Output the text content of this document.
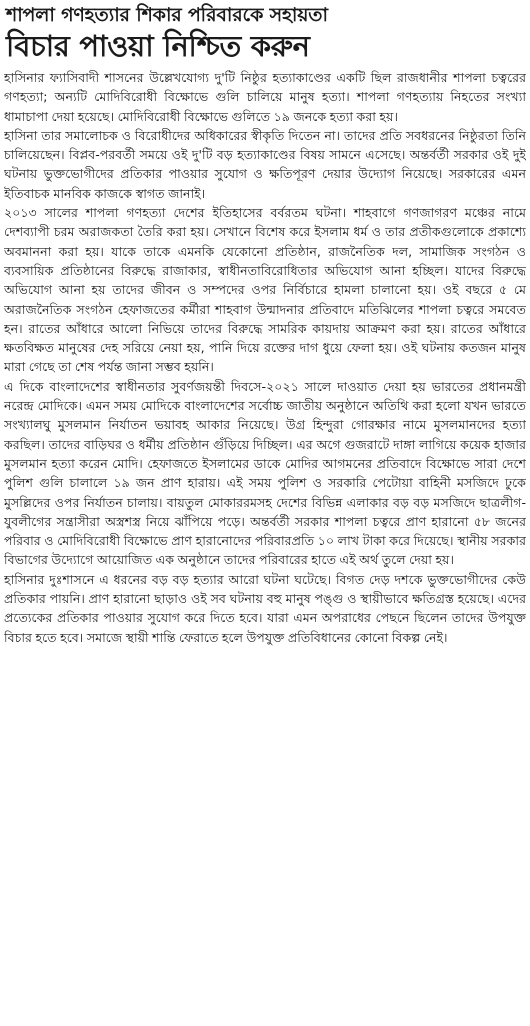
শাপলা গণহত্যার শিকার পরিবারকে সহায়তা
বিচার পাওয়া নিশ্চিত করুন

হাসিনার ফ্যাসিবাদী শাসনের উল্লেখযোগ্য দু'টি নিষ্ঠুর হত্যাকাণ্ডের একটি ছিল রাজধানীর শাপলা চত্বরের গণহত্যা; অন্যটি মোদিবিরোধী বিক্ষোভে গুলি চালিয়ে মানুষ হত্যা। শাপলা গণহত্যায় নিহতের সংখ্যা ধামাচাপা দেয়া হয়েছে। মোদিবিরোধী বিক্ষোভে গুলিতে ১৯ জনকে হত্যা করা হয়।

হাসিনা তার সমালোচক ও বিরোধীদের অধিকারের স্বীকৃতি দিতেন না। তাদের প্রতি সবধরনের নিষ্ঠুরতা তিনি চালিয়েছেন। বিপ্লব-পরবর্তী সময়ে ওই দু'টি বড় হত্যাকাণ্ডের বিষয় সামনে এসেছে। অন্তর্বর্তী সরকার ওই দুই ঘটনায় ভুক্তভোগীদের প্রতিকার পাওয়ার সুযোগ ও ক্ষতিপূরণ দেয়ার উদ্যোগ নিয়েছে। সরকারের এমন ইতিবাচক মানবিক কাজকে স্বাগত জানাই।

২০১৩ সালের শাপলা গণহত্যা দেশের ইতিহাসের বর্বরতম ঘটনা। শাহবাগে গণজাগরণ মঞ্চের নামে দেশব্যাপী চরম অরাজকতা তৈরি করা হয়। সেখানে বিশেষ করে ইসলাম ধর্ম ও তার প্রতীকগুলোকে প্রকাশ্যে অবমাননা করা হয়। যাকে তাকে এমনকি যেকোনো প্রতিষ্ঠান, রাজনৈতিক দল, সামাজিক সংগঠন ও ব্যবসায়িক প্রতিষ্ঠানের বিরুদ্ধে রাজাকার, স্বাধীনতাবিরোধিতার অভিযোগ আনা হচ্ছিল। যাদের বিরুদ্ধে অভিযোগ আনা হয় তাদের জীবন ও সম্পদের ওপর নির্বিচারে হামলা চালানো হয়। ওই বছরে ৫ মে অরাজনৈতিক সংগঠন হেফাজতের কর্মীরা শাহবাগ উন্মাদনার প্রতিবাদে মতিঝিলের শাপলা চত্বরে সমবেত হন। রাতের আঁধারে আলো নিভিয়ে তাদের বিরুদ্ধে সামরিক কায়দায় আক্রমণ করা হয়। রাতের আঁধারে ক্ষতবিক্ষত মানুষের দেহ সরিয়ে নেয়া হয়, পানি দিয়ে রক্তের দাগ ধুয়ে ফেলা হয়। ওই ঘটনায় কতজন মানুষ মারা গেছে তা শেষ পর্যন্ত জানা সম্ভব হয়নি।

এ দিকে বাংলাদেশের স্বাধীনতার সুবর্ণজয়ন্তী দিবসে-২০২১ সালে দাওয়াত দেয়া হয় ভারতের প্রধানমন্ত্রী নরেন্দ্র মোদিকে। এমন সময় মোদিকে বাংলাদেশের সর্বোচ্চ জাতীয় অনুষ্ঠানে অতিথি করা হলো যখন ভারতে সংখ্যালঘু মুসলমান নির্যাতন ভয়াবহ আকার নিয়েছে। উগ্র হিন্দুরা গোরক্ষার নামে মুসলমানদের হত্যা করছিল। তাদের বাড়িঘর ও ধর্মীয় প্রতিষ্ঠান গুঁড়িয়ে দিচ্ছিল। এর অগে গুজরাটে দাঙ্গা লাগিয়ে কয়েক হাজার মুসলমান হত্যা করেন মোদি। হেফাজতে ইসলামের ডাকে মোদির আগমনের প্রতিবাদে বিক্ষোভে সারা দেশে পুলিশ গুলি চালালে ১৯ জন প্রাণ হারায়। এই সময় পুলিশ ও সরকারি পেটোয়া বাহিনী মসজিদে ঢুকে মুসল্লিদের ওপর নির্যাতন চালায়। বায়তুল মোকাররমসহ দেশের বিভিন্ন এলাকার বড় বড় মসজিদে ছাত্রলীগ-যুবলীগের সন্ত্রাসীরা অস্ত্রশস্ত্র নিয়ে ঝাঁপিয়ে পড়ে। অন্তর্বর্তী সরকার শাপলা চত্বরে প্রাণ হারানো ৫৮ জনের পরিবার ও মোদিবিরোধী বিক্ষোভে প্রাণ হারানোদের পরিবারপ্রতি ১০ লাখ টাকা করে দিয়েছে। স্থানীয় সরকার বিভাগের উদ্যোগে আয়োজিত এক অনুষ্ঠানে তাদের পরিবারের হাতে এই অর্থ তুলে দেয়া হয়।

হাসিনার দুঃশাসনে এ ধরনের বড় বড় হত্যার আরো ঘটনা ঘটেছে। বিগত দেড় দশকে ভুক্তভোগীদের কেউ প্রতিকার পায়নি। প্রাণ হারানো ছাড়াও ওই সব ঘটনায় বহু মানুষ পঙ্গু ও স্থায়ীভাবে ক্ষতিগ্রস্ত হয়েছে। এদের প্রত্যেকের প্রতিকার পাওয়ার সুযোগ করে দিতে হবে। যারা এমন অপরাধের পেছনে ছিলেন তাদের উপযুক্ত বিচার হতে হবে। সমাজে স্থায়ী শান্তি ফেরাতে হলে উপযুক্ত প্রতিবিধানের কোনো বিকল্প নেই।
